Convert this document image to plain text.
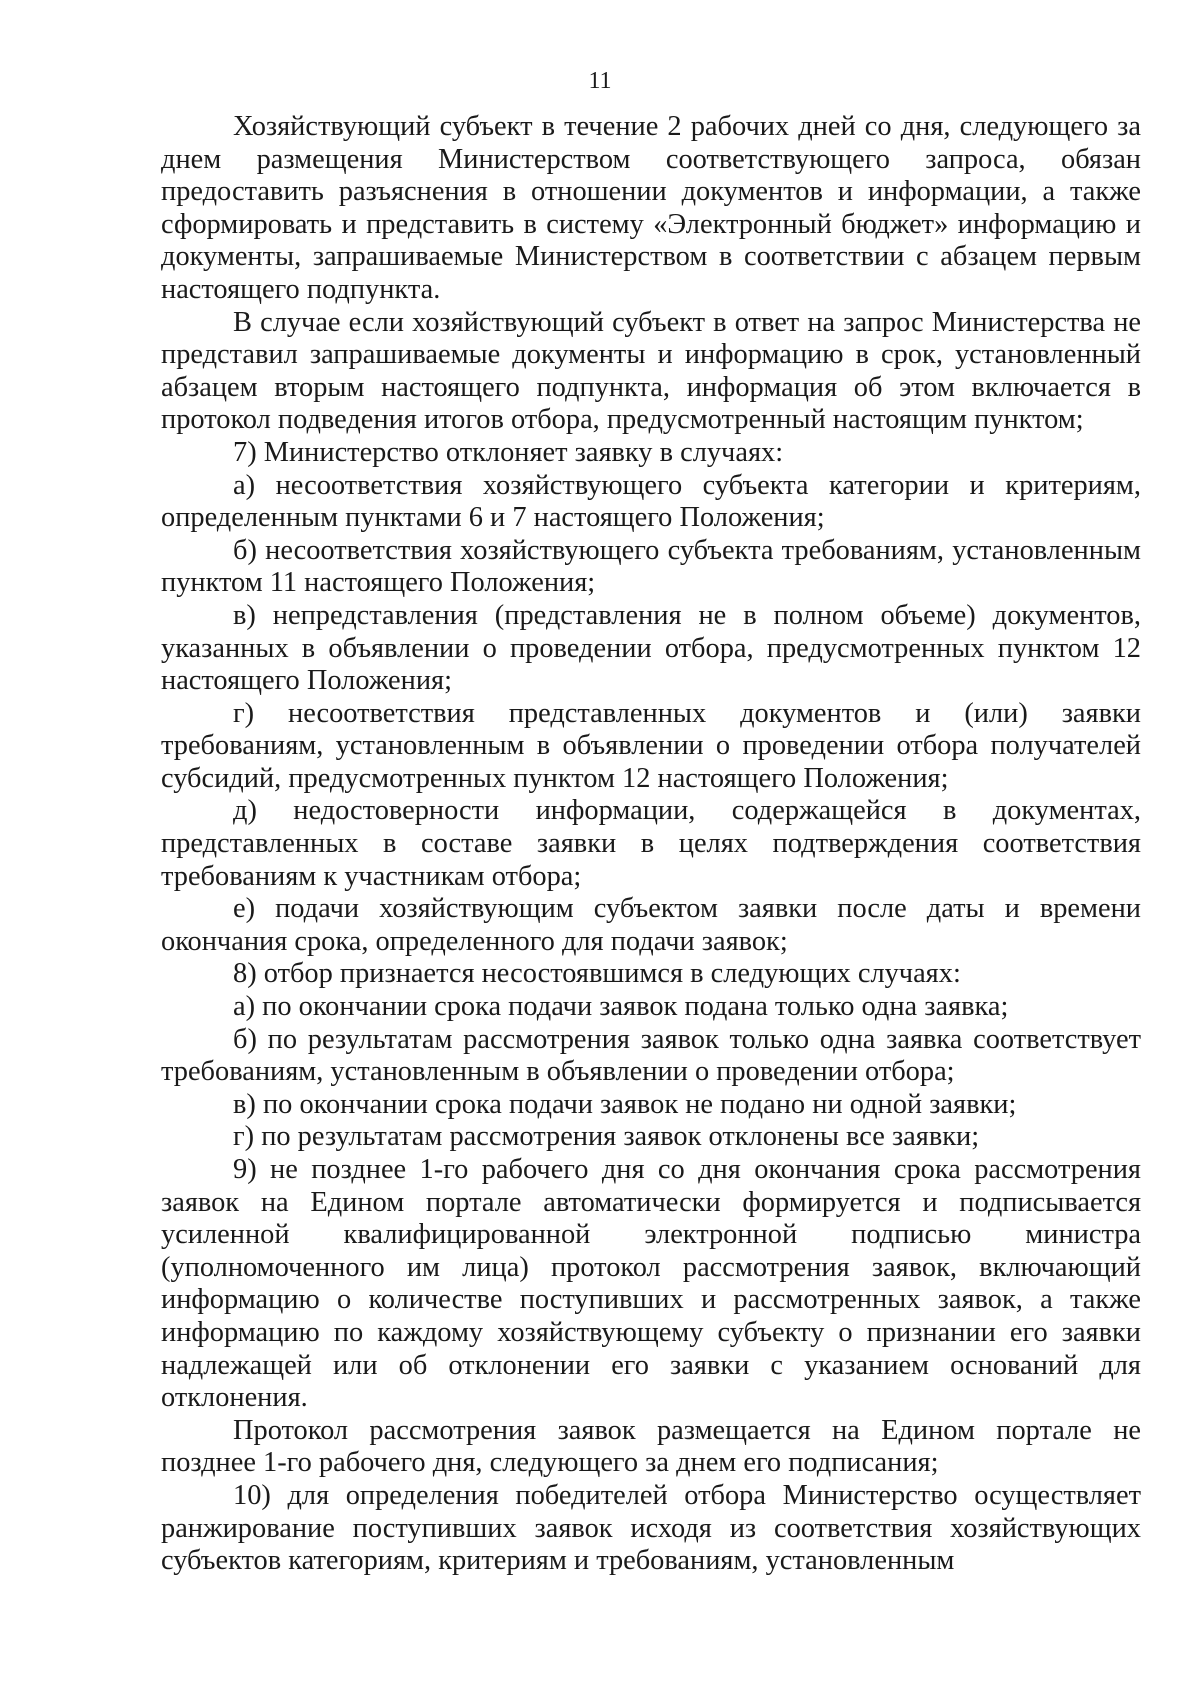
11

Хозяйствующий субъект в течение 2 рабочих дней со дня, следующего за днем размещения Министерством соответствующего запроса, обязан предоставить разъяснения в отношении документов и информации, а также сформировать и представить в систему «Электронный бюджет» информацию и документы, запрашиваемые Министерством в соответствии с абзацем первым настоящего подпункта.

В случае если хозяйствующий субъект в ответ на запрос Министерства не представил запрашиваемые документы и информацию в срок, установленный абзацем вторым настоящего подпункта, информация об этом включается в протокол подведения итогов отбора, предусмотренный настоящим пунктом;

7) Министерство отклоняет заявку в случаях:

а) несоответствия хозяйствующего субъекта категории и критериям, определенным пунктами 6 и 7 настоящего Положения;

б) несоответствия хозяйствующего субъекта требованиям, установленным пунктом 11 настоящего Положения;

в) непредставления (представления не в полном объеме) документов, указанных в объявлении о проведении отбора, предусмотренных пунктом 12 настоящего Положения;

г) несоответствия представленных документов и (или) заявки требованиям, установленным в объявлении о проведении отбора получателей субсидий, предусмотренных пунктом 12 настоящего Положения;

д) недостоверности информации, содержащейся в документах, представленных в составе заявки в целях подтверждения соответствия требованиям к участникам отбора;

е) подачи хозяйствующим субъектом заявки после даты и времени окончания срока, определенного для подачи заявок;

8) отбор признается несостоявшимся в следующих случаях:

а) по окончании срока подачи заявок подана только одна заявка;

б) по результатам рассмотрения заявок только одна заявка соответствует требованиям, установленным в объявлении о проведении отбора;

в) по окончании срока подачи заявок не подано ни одной заявки;

г) по результатам рассмотрения заявок отклонены все заявки;

9) не позднее 1-го рабочего дня со дня окончания срока рассмотрения заявок на Едином портале автоматически формируется и подписывается усиленной квалифицированной электронной подписью министра (уполномоченного им лица) протокол рассмотрения заявок, включающий информацию о количестве поступивших и рассмотренных заявок, а также информацию по каждому хозяйствующему субъекту о признании его заявки надлежащей или об отклонении его заявки с указанием оснований для отклонения.

Протокол рассмотрения заявок размещается на Едином портале не позднее 1-го рабочего дня, следующего за днем его подписания;

10) для определения победителей отбора Министерство осуществляет ранжирование поступивших заявок исходя из соответствия хозяйствующих субъектов категориям, критериям и требованиям, установленным
